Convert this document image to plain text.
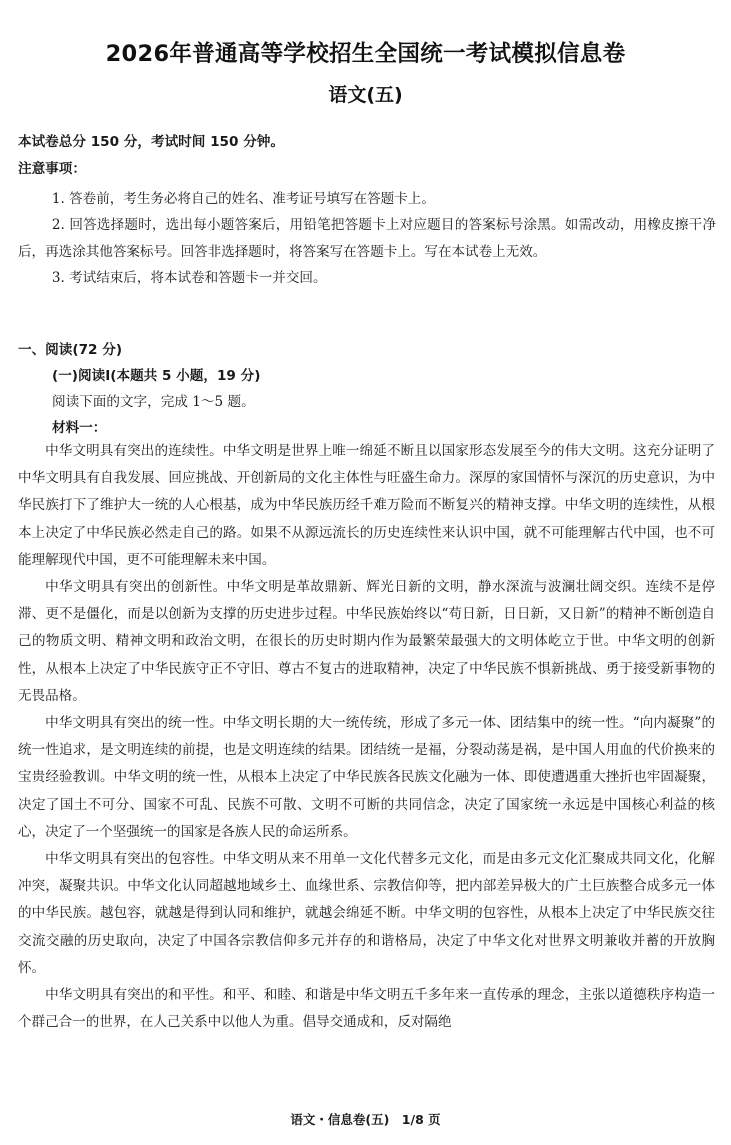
2026年普通高等学校招生全国统一考试模拟信息卷
语文(五)
本试卷总分 150 分，考试时间 150 分钟。
注意事项：

1. 答卷前，考生务必将自己的姓名、准考证号填写在答题卡上。

2. 回答选择题时，选出每小题答案后，用铅笔把答题卡上对应题目的答案标号涂黑。如需改动，用橡皮擦干净后，再选涂其他答案标号。回答非选择题时，将答案写在答题卡上。写在本试卷上无效。

3. 考试结束后，将本试卷和答题卡一并交回。

一、阅读(72 分)
(一)阅读Ⅰ(本题共 5 小题，19 分)
阅读下面的文字，完成 1～5 题。
材料一：

中华文明具有突出的连续性。中华文明是世界上唯一绵延不断且以国家形态发展至今的伟大文明。这充分证明了中华文明具有自我发展、回应挑战、开创新局的文化主体性与旺盛生命力。深厚的家国情怀与深沉的历史意识，为中华民族打下了维护大一统的人心根基，成为中华民族历经千难万险而不断复兴的精神支撑。中华文明的连续性，从根本上决定了中华民族必然走自己的路。如果不从源远流长的历史连续性来认识中国，就不可能理解古代中国，也不可能理解现代中国，更不可能理解未来中国。

中华文明具有突出的创新性。中华文明是革故鼎新、辉光日新的文明，静水深流与波澜壮阔交织。连续不是停滞、更不是僵化，而是以创新为支撑的历史进步过程。中华民族始终以“苟日新，日日新，又日新”的精神不断创造自己的物质文明、精神文明和政治文明，在很长的历史时期内作为最繁荣最强大的文明体屹立于世。中华文明的创新性，从根本上决定了中华民族守正不守旧、尊古不复古的进取精神，决定了中华民族不惧新挑战、勇于接受新事物的无畏品格。

中华文明具有突出的统一性。中华文明长期的大一统传统，形成了多元一体、团结集中的统一性。“向内凝聚”的统一性追求，是文明连续的前提，也是文明连续的结果。团结统一是福，分裂动荡是祸，是中国人用血的代价换来的宝贵经验教训。中华文明的统一性，从根本上决定了中华民族各民族文化融为一体、即使遭遇重大挫折也牢固凝聚，决定了国土不可分、国家不可乱、民族不可散、文明不可断的共同信念，决定了国家统一永远是中国核心利益的核心，决定了一个坚强统一的国家是各族人民的命运所系。

中华文明具有突出的包容性。中华文明从来不用单一文化代替多元文化，而是由多元文化汇聚成共同文化，化解冲突，凝聚共识。中华文化认同超越地域乡土、血缘世系、宗教信仰等，把内部差异极大的广土巨族整合成多元一体的中华民族。越包容，就越是得到认同和维护，就越会绵延不断。中华文明的包容性，从根本上决定了中华民族交往交流交融的历史取向，决定了中国各宗教信仰多元并存的和谐格局，决定了中华文化对世界文明兼收并蓄的开放胸怀。

中华文明具有突出的和平性。和平、和睦、和谐是中华文明五千多年来一直传承的理念，主张以道德秩序构造一个群己合一的世界，在人己关系中以他人为重。倡导交通成和，反对隔绝

语文・信息卷(五)　1/8 页
